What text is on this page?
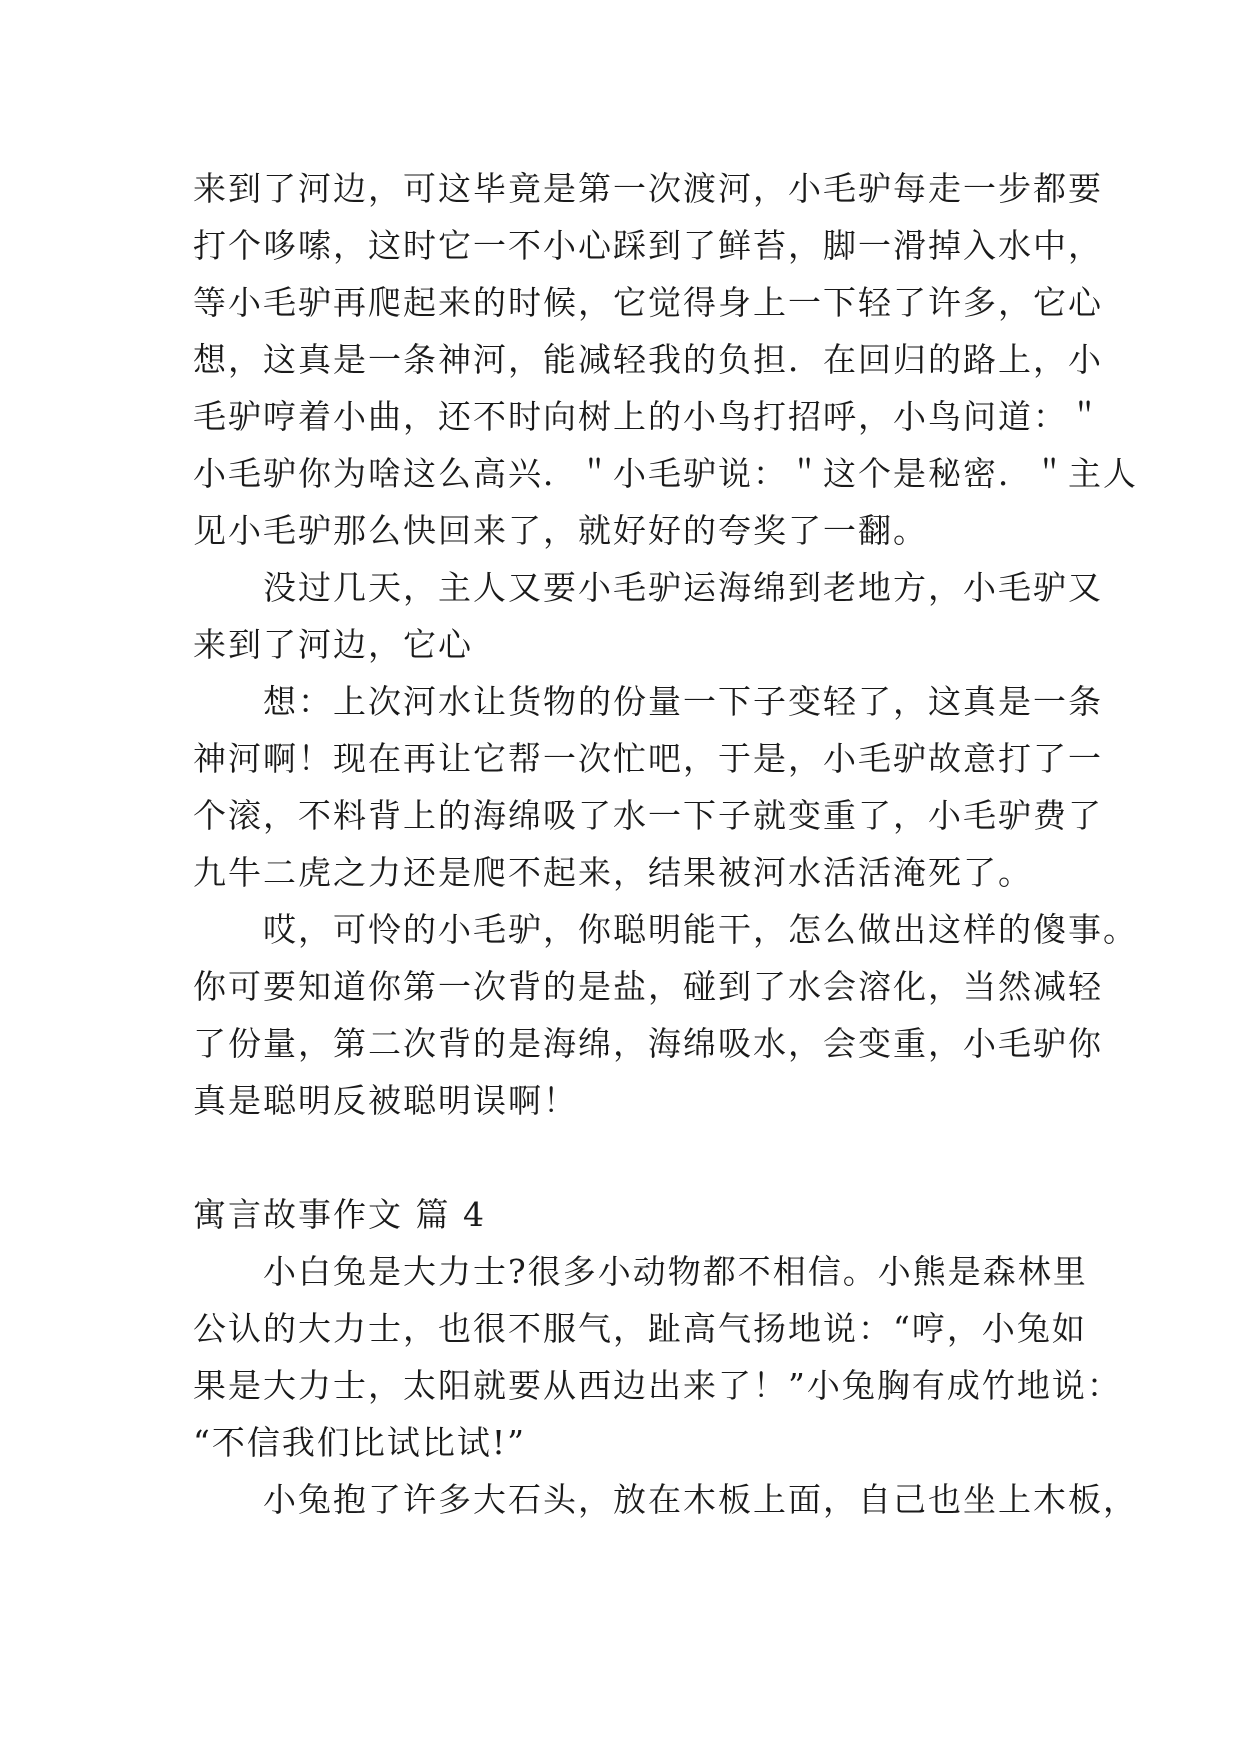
来到了河边，可这毕竟是第一次渡河，小毛驴每走一步都要
打个哆嗦，这时它一不小心踩到了鲜苔，脚一滑掉入水中，
等小毛驴再爬起来的时候，它觉得身上一下轻了许多，它心
想，这真是一条神河，能减轻我的负担．在回归的路上，小
毛驴哼着小曲，还不时向树上的小鸟打招呼，小鸟问道：＂
小毛驴你为啥这么高兴．＂小毛驴说：＂这个是秘密．＂主人
见小毛驴那么快回来了，就好好的夸奖了一翻。
　　没过几天，主人又要小毛驴运海绵到老地方，小毛驴又
来到了河边，它心
　　想：上次河水让货物的份量一下子变轻了，这真是一条
神河啊！现在再让它帮一次忙吧，于是，小毛驴故意打了一
个滚，不料背上的海绵吸了水一下子就变重了，小毛驴费了
九牛二虎之力还是爬不起来，结果被河水活活淹死了。
　　哎，可怜的小毛驴，你聪明能干，怎么做出这样的傻事。
你可要知道你第一次背的是盐，碰到了水会溶化，当然减轻
了份量，第二次背的是海绵，海绵吸水，会变重，小毛驴你
真是聪明反被聪明误啊！
寓言故事作文 篇 4
　　小白兔是大力士?很多小动物都不相信。小熊是森林里
公认的大力士，也很不服气，趾高气扬地说：“哼，小兔如
果是大力士，太阳就要从西边出来了！”小兔胸有成竹地说：
“不信我们比试比试!”
　　小兔抱了许多大石头，放在木板上面，自己也坐上木板，
